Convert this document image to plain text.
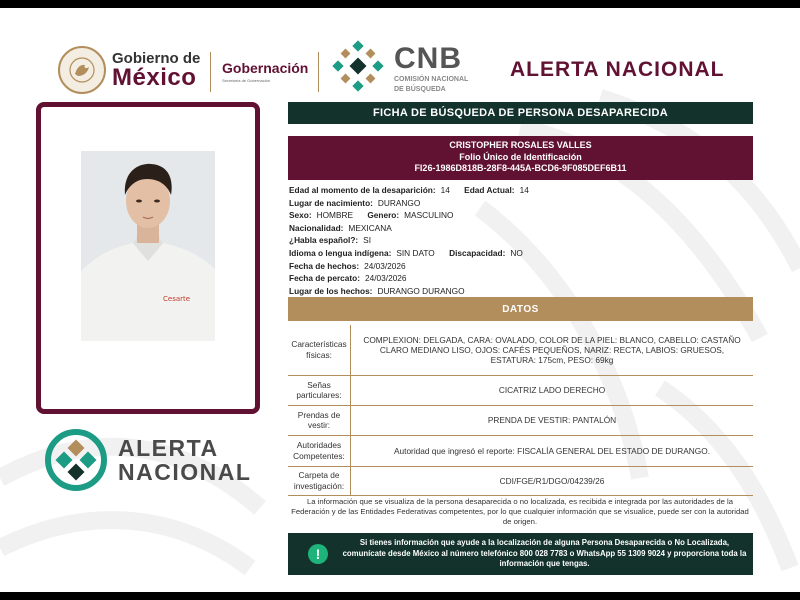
Gobierno de
México Gobernación
Secretaría de Gobernación
CNB
COMISIÓN NACIONAL
DE BÚSQUEDA
ALERTA NACIONAL
Cesarte
ALERTA
NACIONAL
FICHA DE BÚSQUEDA DE PERSONA DESAPARECIDA
CRISTOPHER ROSALES VALLES
Folio Único de Identificación
FI26-1986D818B-28F8-445A-BCD6-9F085DEF6B11
Edad al momento de la desaparición: 14 Edad Actual: 14
Lugar de nacimiento: DURANGO
Sexo: HOMBRE Genero: MASCULINO
Nacionalidad: MEXICANA
¿Habla español?: SI
Idioma o lengua indígena: SIN DATO Discapacidad: NO
Fecha de hechos: 24/03/2026
Fecha de percato: 24/03/2026
Lugar de los hechos: DURANGO DURANGO
DATOS
Características
físicas:	COMPLEXION: DELGADA, CARA: OVALADO, COLOR DE LA PIEL: BLANCO, CABELLO: CASTAÑO CLARO MEDIANO LISO, OJOS: CAFÉS PEQUEÑOS, NARIZ: RECTA, LABIOS: GRUESOS, ESTATURA: 175cm, PESO: 69kg

Señas
particulares:	CICATRIZ LADO DERECHO

Prendas de
vestir:	PRENDA DE VESTIR: PANTALÓN

Autoridades
Competentes:	Autoridad que ingresó el reporte: FISCALÍA GENERAL DEL ESTADO DE DURANGO.

Carpeta de
investigación:	CDI/FGE/R1/DGO/04239/26
La información que se visualiza de la persona desaparecida o no localizada, es recibida e integrada por las autoridades de la Federación y de las Entidades Federativas competentes, por lo que cualquier información que se visualice, puede ser con la autoridad de origen.
!
Si tienes información que ayude a la localización de alguna Persona Desaparecida o No Localizada, comunícate desde México al número telefónico 800 028 7783 o WhatsApp 55 1309 9024 y proporciona toda la información que tengas.
